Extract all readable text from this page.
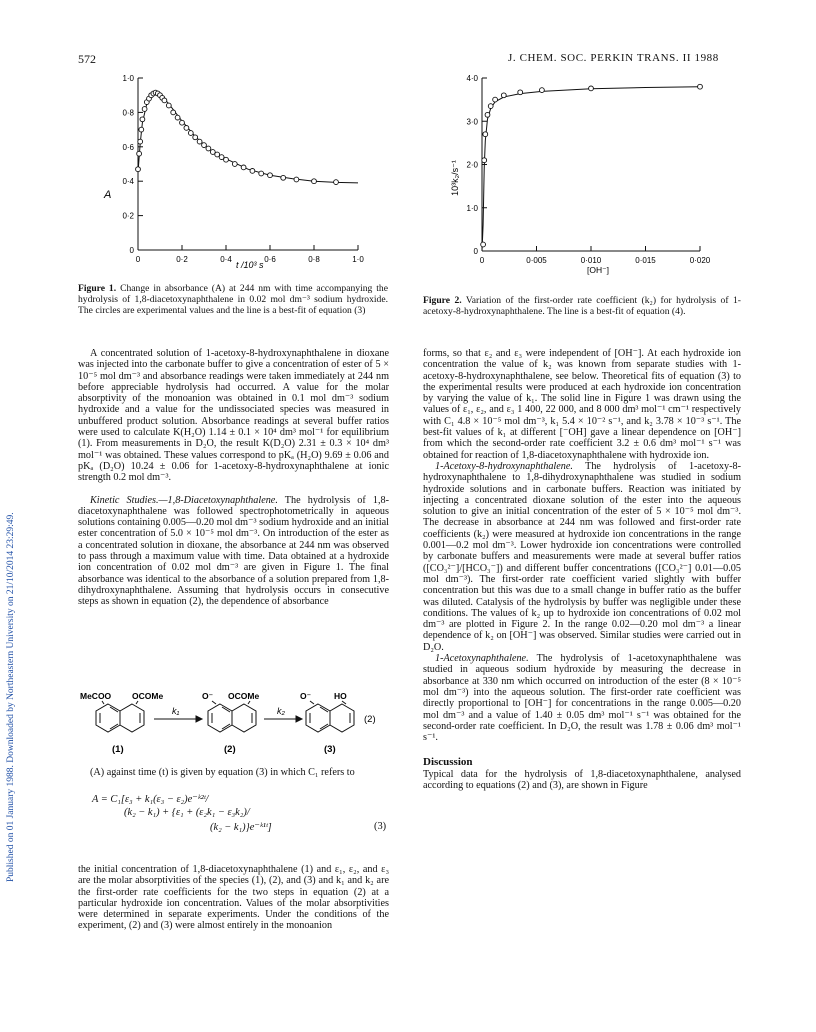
572	J. CHEM. SOC. PERKIN TRANS. II 1988
Published on 01 January 1988. Downloaded by Northeastern University on 21/10/2014 23:29:49.
0
0·2
0·4
0·6
0·8
1·0
0	0·2	0·4	0·6	0·8	1·0
A
t /10³ s
Figure 1. Change in absorbance (A) at 244 nm with time accompanying the hydrolysis of 1,8-diacetoxynaphthalene in 0.02 mol dm⁻³ sodium hydroxide. The circles are experimental values and the line is a best-fit of equation (3)
0
1·0
2·0
3·0
4·0
0	0·005	0·010	0·015	0·020
10³k₂/s⁻¹
[OH⁻]
Figure 2. Variation of the first-order rate coefficient (k₂) for hydrolysis of 1-acetoxy-8-hydroxynaphthalene. The line is a best-fit of equation (4).

A concentrated solution of 1-acetoxy-8-hydroxynaphthalene in dioxane was injected into the carbonate buffer to give a concentration of ester of 5 × 10⁻⁵ mol dm⁻³ and absorbance readings were taken immediately at 244 nm before appreciable hydrolysis had occurred. A value for the molar absorptivity of the monoanion was obtained in 0.1 mol dm⁻³ sodium hydroxide and a value for the undissociated species was measured in unbuffered product solution. Absorbance readings at several buffer ratios were used to calculate K(H₂O) 1.14 ± 0.1 × 10⁴ dm³ mol⁻¹ for equilibrium (1). From measurements in D₂O, the result K(D₂O) 2.31 ± 0.3 × 10⁴ dm³ mol⁻¹ was obtained. These values correspond to pKₐ (H₂O) 9.69 ± 0.06 and pKₐ (D₂O) 10.24 ± 0.06 for 1-acetoxy-8-hydroxynaphthalene at ionic strength 0.2 mol dm⁻³.

Kinetic Studies.—1,8-Diacetoxynaphthalene. The hydrolysis of 1,8-diacetoxynaphthalene was followed spectrophotometrically in aqueous solutions containing 0.005—0.20 mol dm⁻³ sodium hydroxide and an initial ester concentration of 5.0 × 10⁻⁵ mol dm⁻³. On introduction of the ester as a concentrated solution in dioxane, the absorbance at 244 nm was observed to pass through a maximum value with time. Data obtained at a hydroxide ion concentration of 0.02 mol dm⁻³ are given in Figure 1. The final absorbance was identical to the absorbance of a solution prepared from 1,8-dihydroxynaphthalene. Assuming that hydrolysis occurs in consecutive steps as shown in equation (2), the dependence of absorbance

MeCOO OCOMe	O⁻ OCOMe	O⁻	HO
k₁	k₂
(2)
(1)	(2)	(3)

(A) against time (t) is given by equation (3) in which C₁ refers to

A = C₁[ε₃ + k₁(ε₃ − ε₂)e⁻ᵏ²ᵗ/
(k₂ − k₁) + {ε₁ + (ε₂k₁ − ε₃k₂)/
(k₂ − k₁)}e⁻ᵏ¹ᵗ]	(3)

the initial concentration of 1,8-diacetoxynaphthalene (1) and ε₁, ε₂, and ε₃ are the molar absorptivities of the species (1), (2), and (3) and k₁ and k₂ are the first-order rate coefficients for the two steps in equation (2) at a particular hydroxide ion concentration. Values of the molar absorptivities were determined in separate experiments. Under the conditions of the experiment, (2) and (3) were almost entirely in the monoanion

forms, so that ε₂ and ε₃ were independent of [OH⁻]. At each hydroxide ion concentration the value of k₂ was known from separate studies with 1-acetoxy-8-hydroxynaphthalene, see below. Theoretical fits of equation (3) to the experimental results were produced at each hydroxide ion concentration by varying the value of k₁. The solid line in Figure 1 was drawn using the values of ε₁, ε₂, and ε₃ 1 400, 22 000, and 8 000 dm³ mol⁻¹ cm⁻¹ respectively with C₁ 4.8 × 10⁻⁵ mol dm⁻³, k₁ 5.4 × 10⁻² s⁻¹, and k₂ 3.78 × 10⁻³ s⁻¹. The best-fit values of k₁ at different [⁻OH] gave a linear dependence on [OH⁻] from which the second-order rate coefficient 3.2 ± 0.6 dm³ mol⁻¹ s⁻¹ was obtained for reaction of 1,8-diacetoxynaphthalene with hydroxide ion.

1-Acetoxy-8-hydroxynaphthalene. The hydrolysis of 1-acetoxy-8-hydroxynaphthalene to 1,8-dihydroxynaphthalene was studied in sodium hydroxide solutions and in carbonate buffers. Reaction was initiated by injecting a concentrated dioxane solution of the ester into the aqueous solution to give an initial concentration of the ester of 5 × 10⁻⁵ mol dm⁻³. The decrease in absorbance at 244 nm was followed and first-order rate coefficients (k₂) were measured at hydroxide ion concentrations in the range 0.001—0.2 mol dm⁻³. Lower hydroxide ion concentrations were controlled by carbonate buffers and measurements were made at several buffer ratios ([CO₃²⁻]/[HCO₃⁻]) and different buffer concentrations ([CO₃²⁻] 0.01—0.05 mol dm⁻³). The first-order rate coefficient varied slightly with buffer concentration but this was due to a small change in buffer ratio as the buffer was diluted. Catalysis of the hydrolysis by buffer was negligible under these conditions. The values of k₂ up to hydroxide ion concentrations of 0.02 mol dm⁻³ are plotted in Figure 2. In the range 0.02—0.20 mol dm⁻³ a linear dependence of k₂ on [OH⁻] was observed. Similar studies were carried out in D₂O.

1-Acetoxynaphthalene. The hydrolysis of 1-acetoxynaphthalene was studied in aqueous sodium hydroxide by measuring the decrease in absorbance at 330 nm which occurred on introduction of the ester (8 × 10⁻⁵ mol dm⁻³) into the aqueous solution. The first-order rate coefficient was directly proportional to [OH⁻] for concentrations in the range 0.005—0.20 mol dm⁻³ and a value of 1.40 ± 0.05 dm³ mol⁻¹ s⁻¹ was obtained for the second-order rate coefficient. In D₂O, the result was 1.78 ± 0.06 dm³ mol⁻¹ s⁻¹.

Discussion

Typical data for the hydrolysis of 1,8-diacetoxynaphthalene, analysed according to equations (2) and (3), are shown in Figure
